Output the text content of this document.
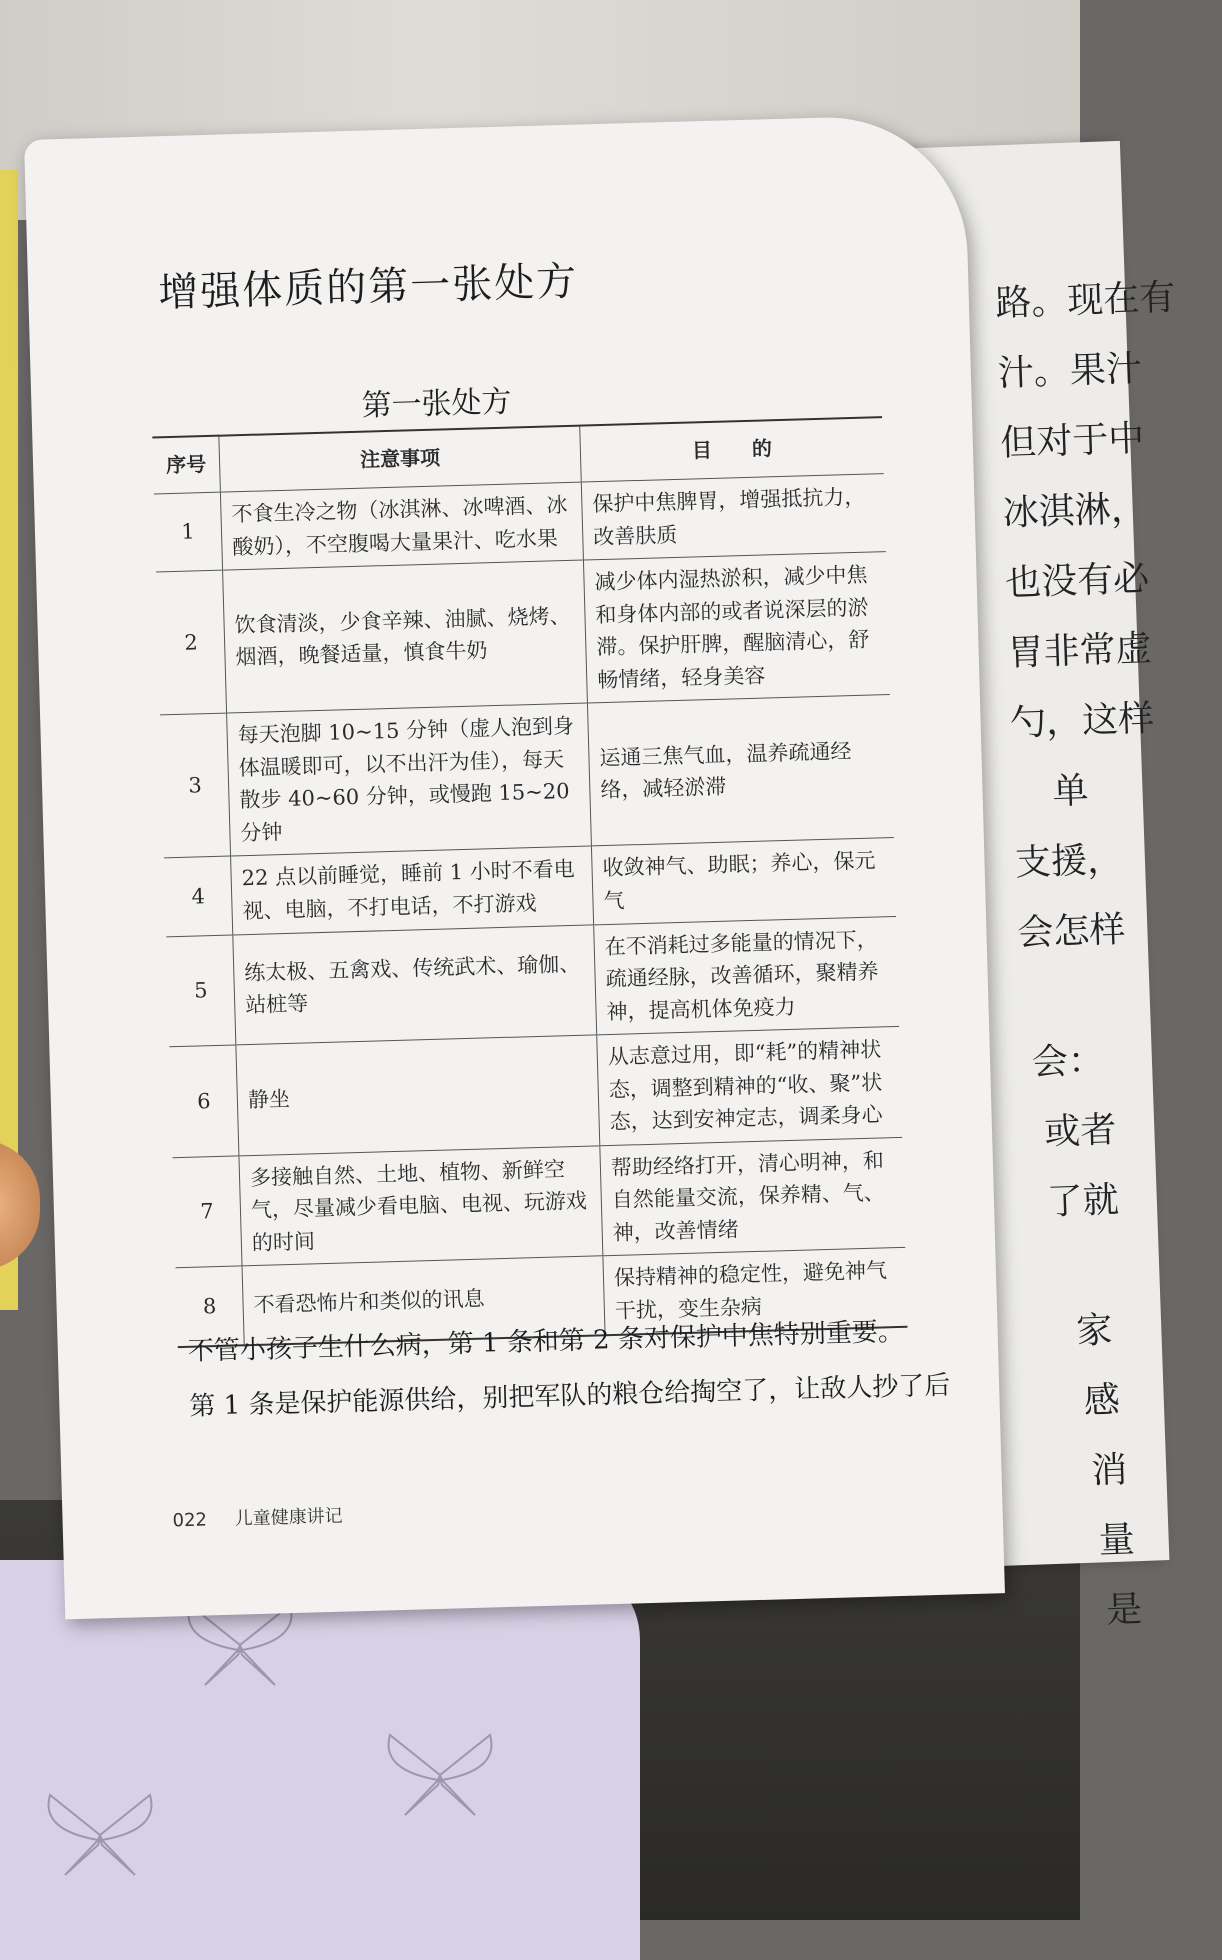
路。现在有
汁。果汁
但对于中
冰淇淋，
也没有必
胃非常虚
勺，这样
单
支援，
会怎样
会：
或者
了就
家
感
消
量
是
增强体质的第一张处方
第一张处方
序号	注意事项	目　　的
1	不食生冷之物（冰淇淋、冰啤酒、冰酸奶），不空腹喝大量果汁、吃水果	保护中焦脾胃，增强抵抗力，改善肤质
2	饮食清淡，少食辛辣、油腻、烧烤、烟酒，晚餐适量，慎食牛奶	减少体内湿热淤积，减少中焦和身体内部的或者说深层的淤滞。保护肝脾，醒脑清心，舒畅情绪，轻身美容
3	每天泡脚 10~15 分钟（虚人泡到身体温暖即可，以不出汗为佳），每天散步 40~60 分钟，或慢跑 15~20 分钟	运通三焦气血，温养疏通经络，减轻淤滞
4	22 点以前睡觉，睡前 1 小时不看电视、电脑，不打电话，不打游戏	收敛神气、助眠；养心，保元气
5	练太极、五禽戏、传统武术、瑜伽、站桩等	在不消耗过多能量的情况下，疏通经脉，改善循环，聚精养神，提高机体免疫力
6	静坐	从志意过用，即“耗”的精神状态，调整到精神的“收、聚”状态，达到安神定志，调柔身心
7	多接触自然、土地、植物、新鲜空气，尽量减少看电脑、电视、玩游戏的时间	帮助经络打开，清心明神，和自然能量交流，保养精、气、神，改善情绪
8	不看恐怖片和类似的讯息	保持精神的稳定性，避免神气干扰，变生杂病

不管小孩子生什么病，第 1 条和第 2 条对保护中焦特别重要。

第 1 条是保护能源供给，别把军队的粮仓给掏空了，让敌人抄了后

022 儿童健康讲记
